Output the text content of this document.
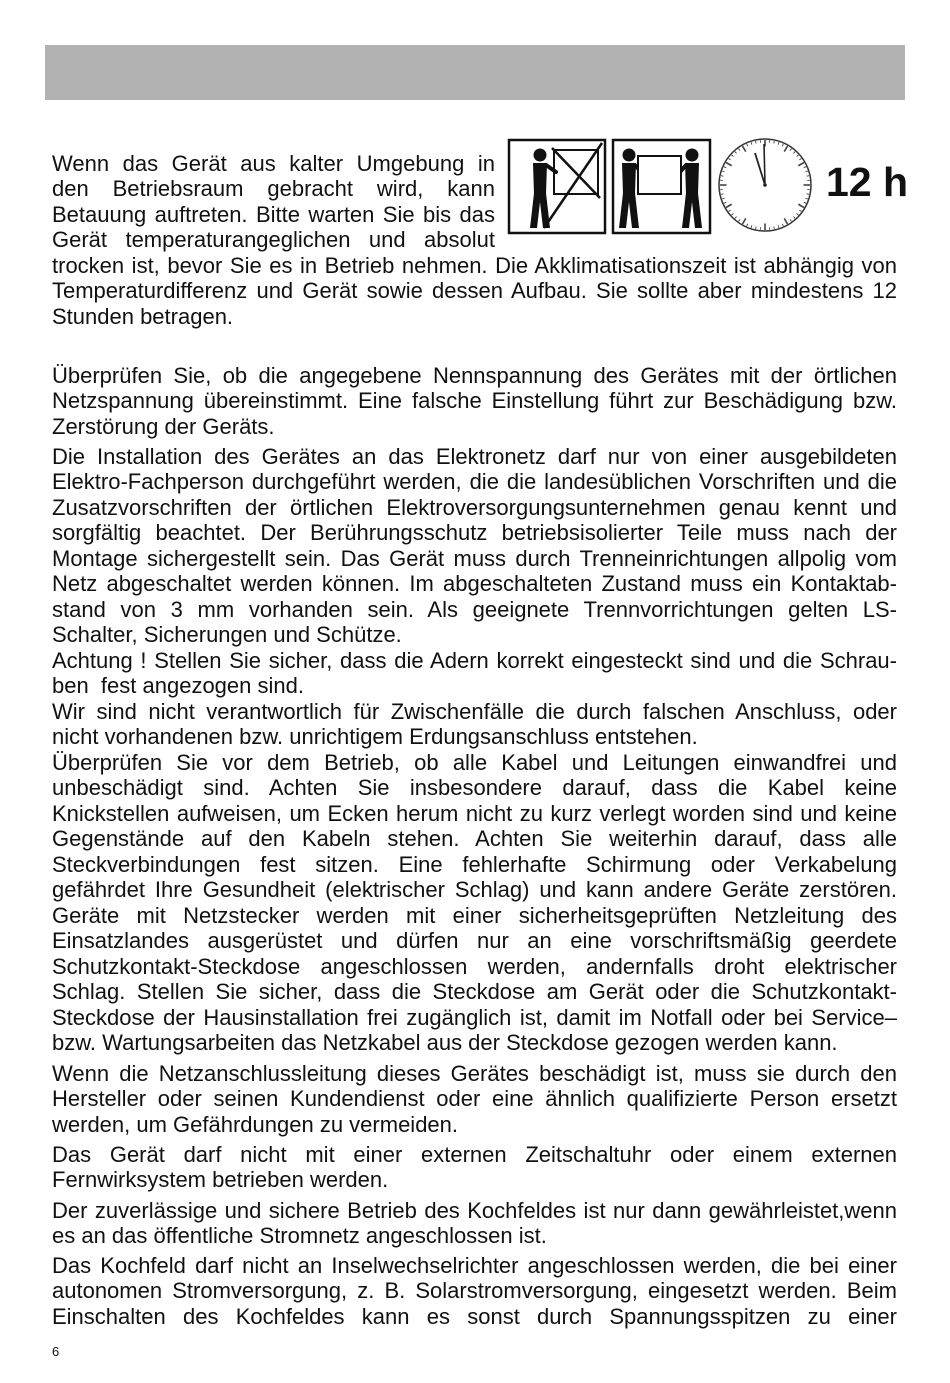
12 h
Wenn das Gerät aus kalter Umgebung in
den Betriebsraum gebracht wird, kann
Betauung auftreten. Bitte warten Sie bis das
Gerät temperaturangeglichen und absolut
trocken ist, bevor Sie es in Betrieb nehmen. Die Akklimatisationszeit ist abhängig von
Temperaturdifferenz und Gerät sowie dessen Aufbau. Sie sollte aber mindestens 12
Stunden betragen.
Überprüfen Sie, ob die angegebene Nennspannung des Gerätes mit der örtlichen
Netzspannung übereinstimmt. Eine falsche Einstellung führt zur Beschädigung bzw.
Zerstörung der Geräts.
Die Installation des Gerätes an das Elektronetz darf nur von einer ausgebildeten
Elektro-Fachperson durchgeführt werden, die die landesüblichen Vorschriften und die
Zusatzvorschriften der örtlichen Elektroversorgungsunternehmen genau kennt und
sorgfältig beachtet. Der Berührungsschutz betriebsisolierter Teile muss nach der
Montage sichergestellt sein. Das Gerät muss durch Trenneinrichtungen allpolig vom
Netz abgeschaltet werden können. Im abgeschalteten Zustand muss ein Kontaktab-
stand von 3 mm vorhanden sein. Als geeignete Trennvorrichtungen gelten LS-
Schalter, Sicherungen und Schütze.
Achtung ! Stellen Sie sicher, dass die Adern korrekt eingesteckt sind und die Schrau-
ben  fest angezogen sind.
Wir sind nicht verantwortlich für Zwischenfälle die durch falschen Anschluss, oder
nicht vorhandenen bzw. unrichtigem Erdungsanschluss entstehen.
Überprüfen Sie vor dem Betrieb, ob alle Kabel und Leitungen einwandfrei und
unbeschädigt sind. Achten Sie insbesondere darauf, dass die Kabel keine
Knickstellen aufweisen, um Ecken herum nicht zu kurz verlegt worden sind und keine
Gegenstände auf den Kabeln stehen. Achten Sie weiterhin darauf, dass alle
Steckverbindungen fest sitzen. Eine fehlerhafte Schirmung oder Verkabelung
gefährdet Ihre Gesundheit (elektrischer Schlag) und kann andere Geräte zerstören.
Geräte mit Netzstecker werden mit einer sicherheitsgeprüften Netzleitung des
Einsatzlandes ausgerüstet und dürfen nur an eine vorschriftsmäßig geerdete
Schutzkontakt-Steckdose angeschlossen werden, andernfalls droht elektrischer
Schlag. Stellen Sie sicher, dass die Steckdose am Gerät oder die Schutzkontakt-
Steckdose der Hausinstallation frei zugänglich ist, damit im Notfall oder bei Service–
bzw. Wartungsarbeiten das Netzkabel aus der Steckdose gezogen werden kann.
Wenn die Netzanschlussleitung dieses Gerätes beschädigt ist, muss sie durch den
Hersteller oder seinen Kundendienst oder eine ähnlich qualifizierte Person ersetzt
werden, um Gefährdungen zu vermeiden.
Das Gerät darf nicht mit einer externen Zeitschaltuhr oder einem externen
Fernwirksystem betrieben werden.
Der zuverlässige und sichere Betrieb des Kochfeldes ist nur dann gewährleistet,wenn
es an das öffentliche Stromnetz angeschlossen ist.
Das Kochfeld darf nicht an Inselwechselrichter angeschlossen werden, die bei einer
autonomen Stromversorgung, z. B. Solarstromversorgung, eingesetzt werden. Beim
Einschalten des Kochfeldes kann es sonst durch Spannungsspitzen zu einer
6
